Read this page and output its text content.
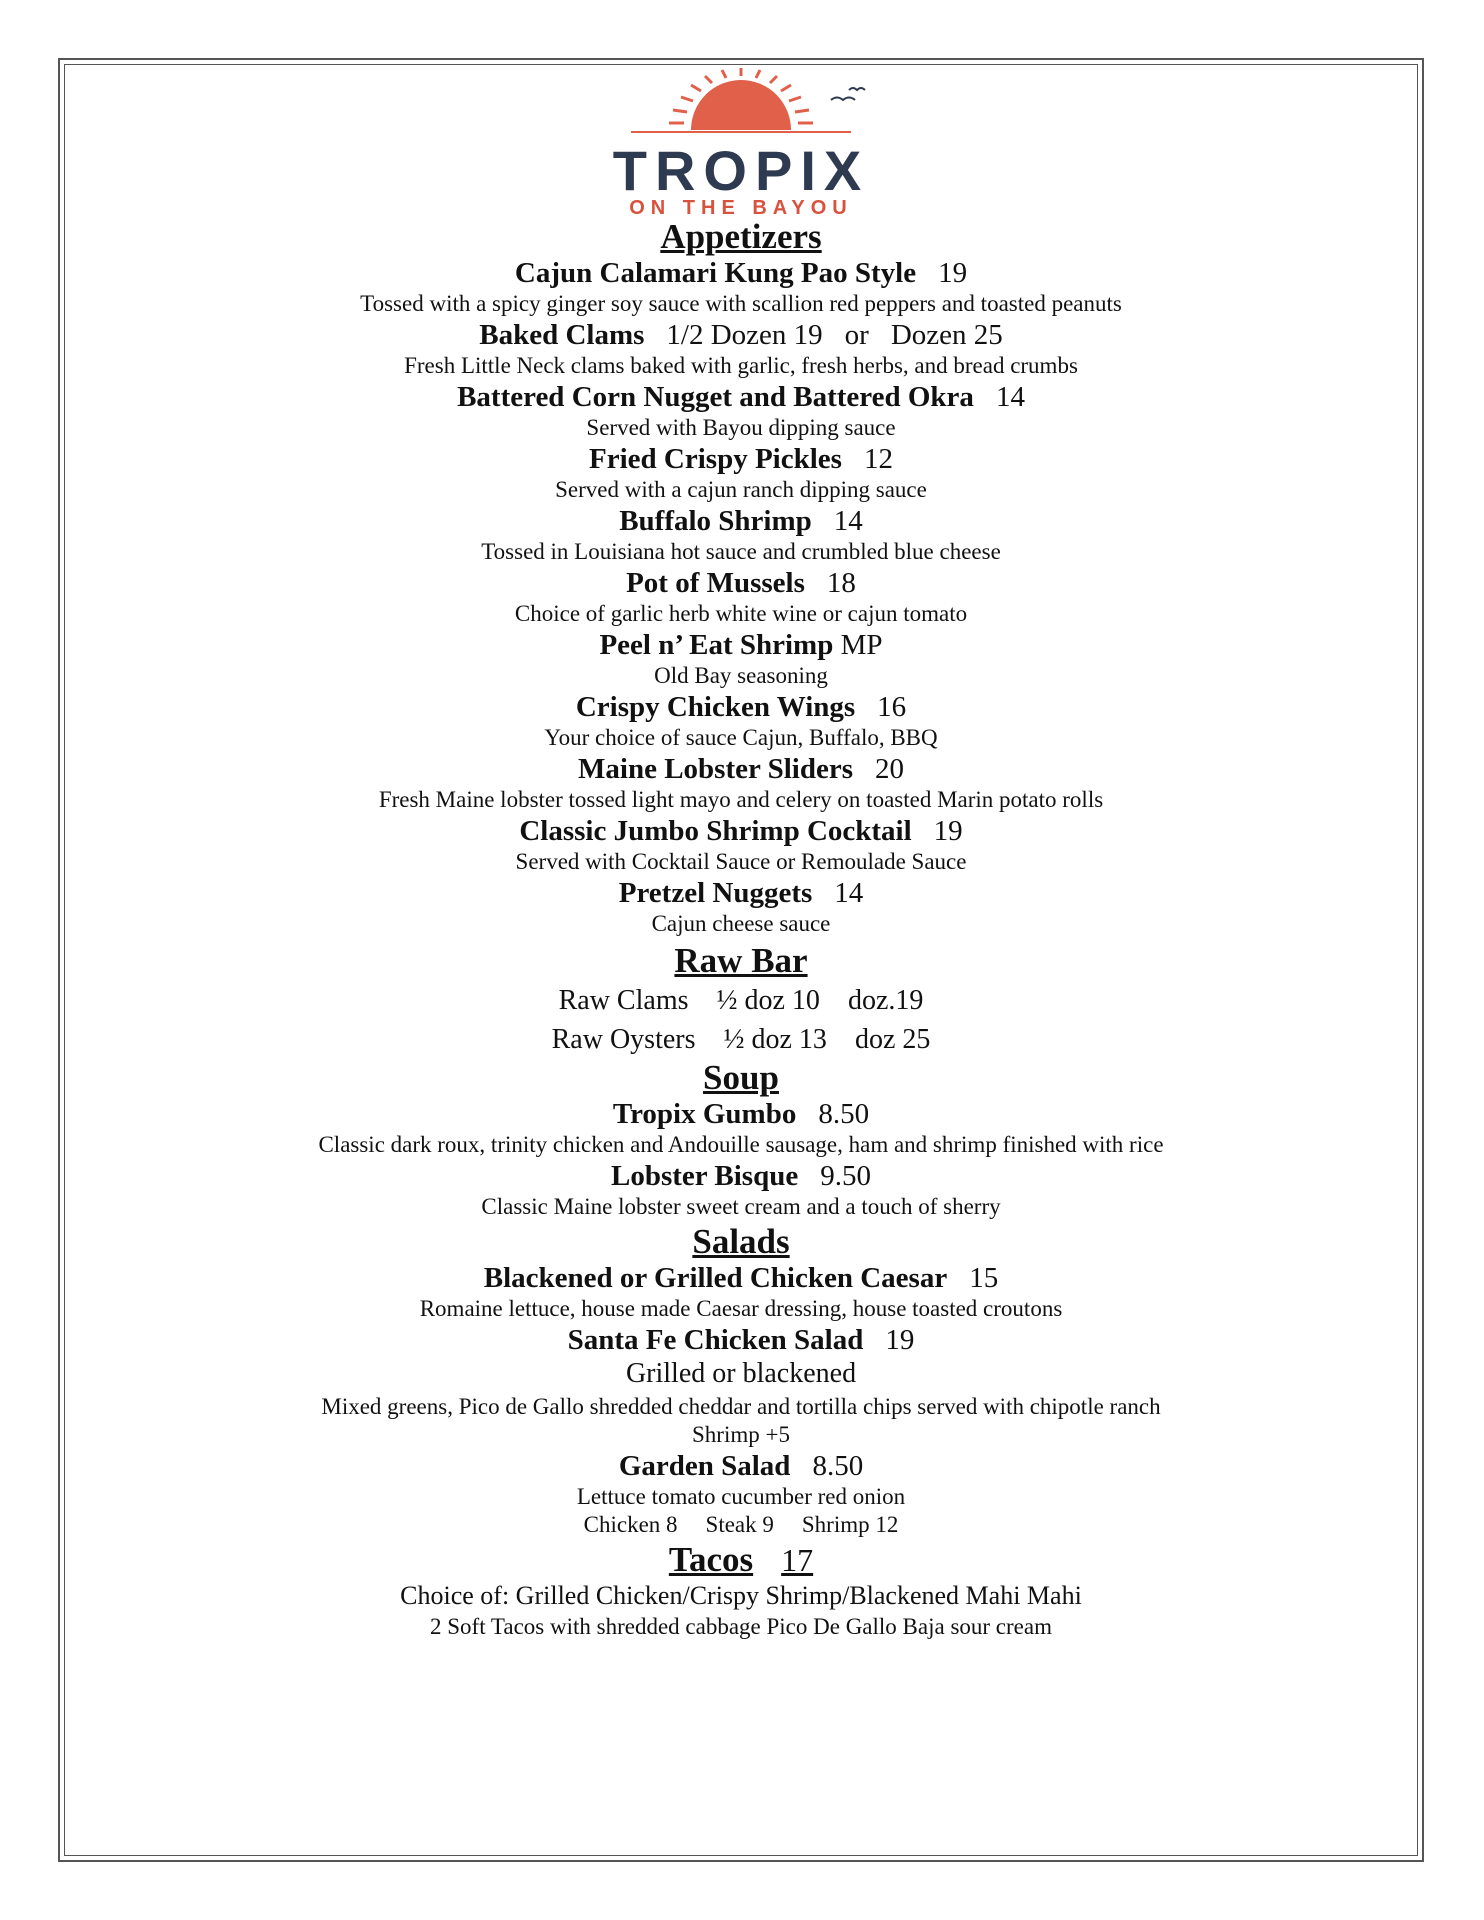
TROPIX
ON THE BAYOU

Appetizers

Cajun Calamari Kung Pao Style 19

Tossed with a spicy ginger soy sauce with scallion red peppers and toasted peanuts

Baked Clams 1/2 Dozen 19 or Dozen 25

Fresh Little Neck clams baked with garlic, fresh herbs, and bread crumbs

Battered Corn Nugget and Battered Okra 14

Served with Bayou dipping sauce

Fried Crispy Pickles 12

Served with a cajun ranch dipping sauce

Buffalo Shrimp 14

Tossed in Louisiana hot sauce and crumbled blue cheese

Pot of Mussels 18

Choice of garlic herb white wine or cajun tomato

Peel n’ Eat Shrimp MP

Old Bay seasoning

Crispy Chicken Wings 16

Your choice of sauce Cajun, Buffalo, BBQ

Maine Lobster Sliders 20

Fresh Maine lobster tossed light mayo and celery on toasted Marin potato rolls

Classic Jumbo Shrimp Cocktail 19

Served with Cocktail Sauce or Remoulade Sauce

Pretzel Nuggets 14

Cajun cheese sauce

Raw Bar

Raw Clams ½ doz 10 doz.19

Raw Oysters ½ doz 13 doz 25

Soup

Tropix Gumbo 8.50

Classic dark roux, trinity chicken and Andouille sausage, ham and shrimp finished with rice

Lobster Bisque 9.50

Classic Maine lobster sweet cream and a touch of sherry

Salads

Blackened or Grilled Chicken Caesar 15

Romaine lettuce, house made Caesar dressing, house toasted croutons

Santa Fe Chicken Salad 19

Grilled or blackened

Mixed greens, Pico de Gallo shredded cheddar and tortilla chips served with chipotle ranch

Shrimp +5

Garden Salad 8.50

Lettuce tomato cucumber red onion

Chicken 8 Steak 9 Shrimp 12

Tacos 17

Choice of: Grilled Chicken/Crispy Shrimp/Blackened Mahi Mahi

2 Soft Tacos with shredded cabbage Pico De Gallo Baja sour cream
